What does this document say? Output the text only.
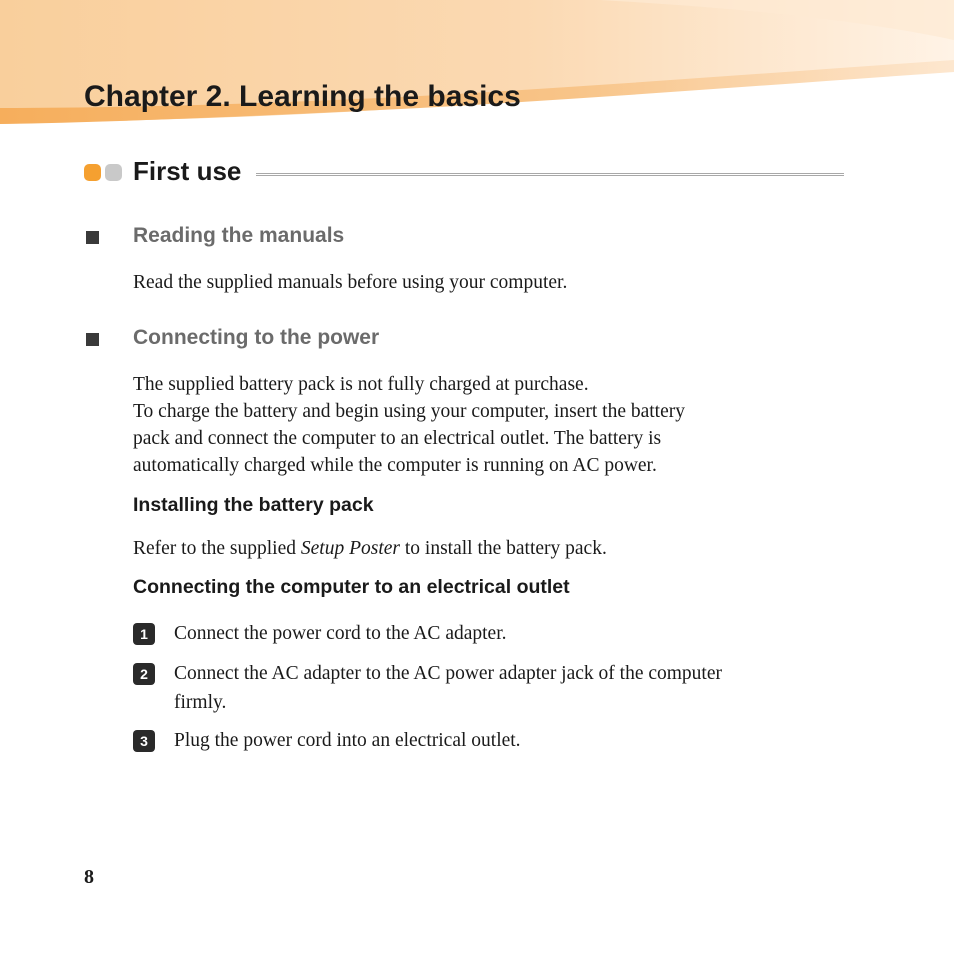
Chapter 2. Learning the basics
First use
Reading the manuals

Read the supplied manuals before using your computer.

Connecting to the power

The supplied battery pack is not fully charged at purchase.
To charge the battery and begin using your computer, insert the battery
pack and connect the computer to an electrical outlet. The battery is
automatically charged while the computer is running on AC power.

Installing the battery pack

Refer to the supplied Setup Poster to install the battery pack.

Connecting the computer to an electrical outlet
1	Connect the power cord to the AC adapter.

2	Connect the AC adapter to the AC power adapter jack of the computer
firmly.

3	Plug the power cord into an electrical outlet.

8
